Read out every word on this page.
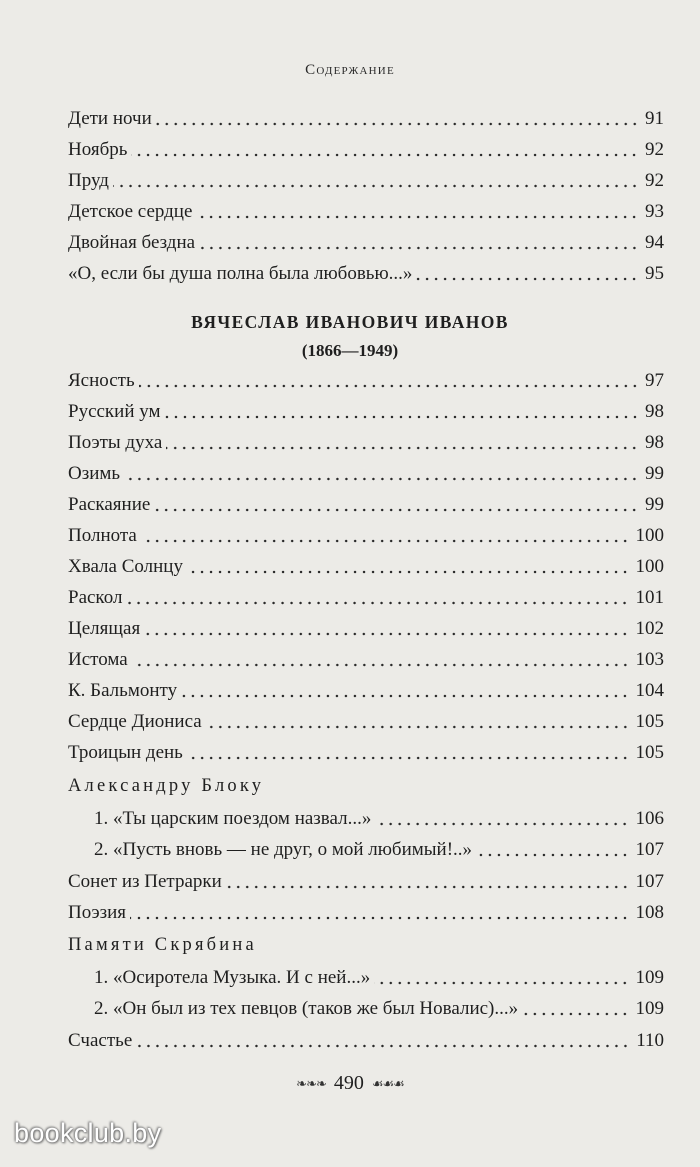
Содержание
Дети ночи	91
Ноябрь	92
Пруд	92
Детское сердце	93
Двойная бездна	94
«О, если бы душа полна была любовью...»	95
ВЯЧЕСЛАВ ИВАНОВИЧ ИВАНОВ
(1866—1949)
Ясность	97
Русский ум	98
Поэты духа	98
Озимь	99
Раскаяние	99
Полнота	100
Хвала Солнцу	100
Раскол	101
Целящая	102
Истома	103
К. Бальмонту	104
Сердце Диониса	105
Троицын день	105
Александру Блоку
1. «Ты царским поездом назвал...»	106
2. «Пусть вновь — не друг, о мой любимый!..»	107
Сонет из Петрарки	107
Поэзия	108
Памяти Скрябина
1. «Осиротела Музыка. И с ней...»	109
2. «Он был из тех певцов (таков же был Новалис)...»	109
Счастье	110
❧❧❧ 490 ☙☙☙
bookclub.by
